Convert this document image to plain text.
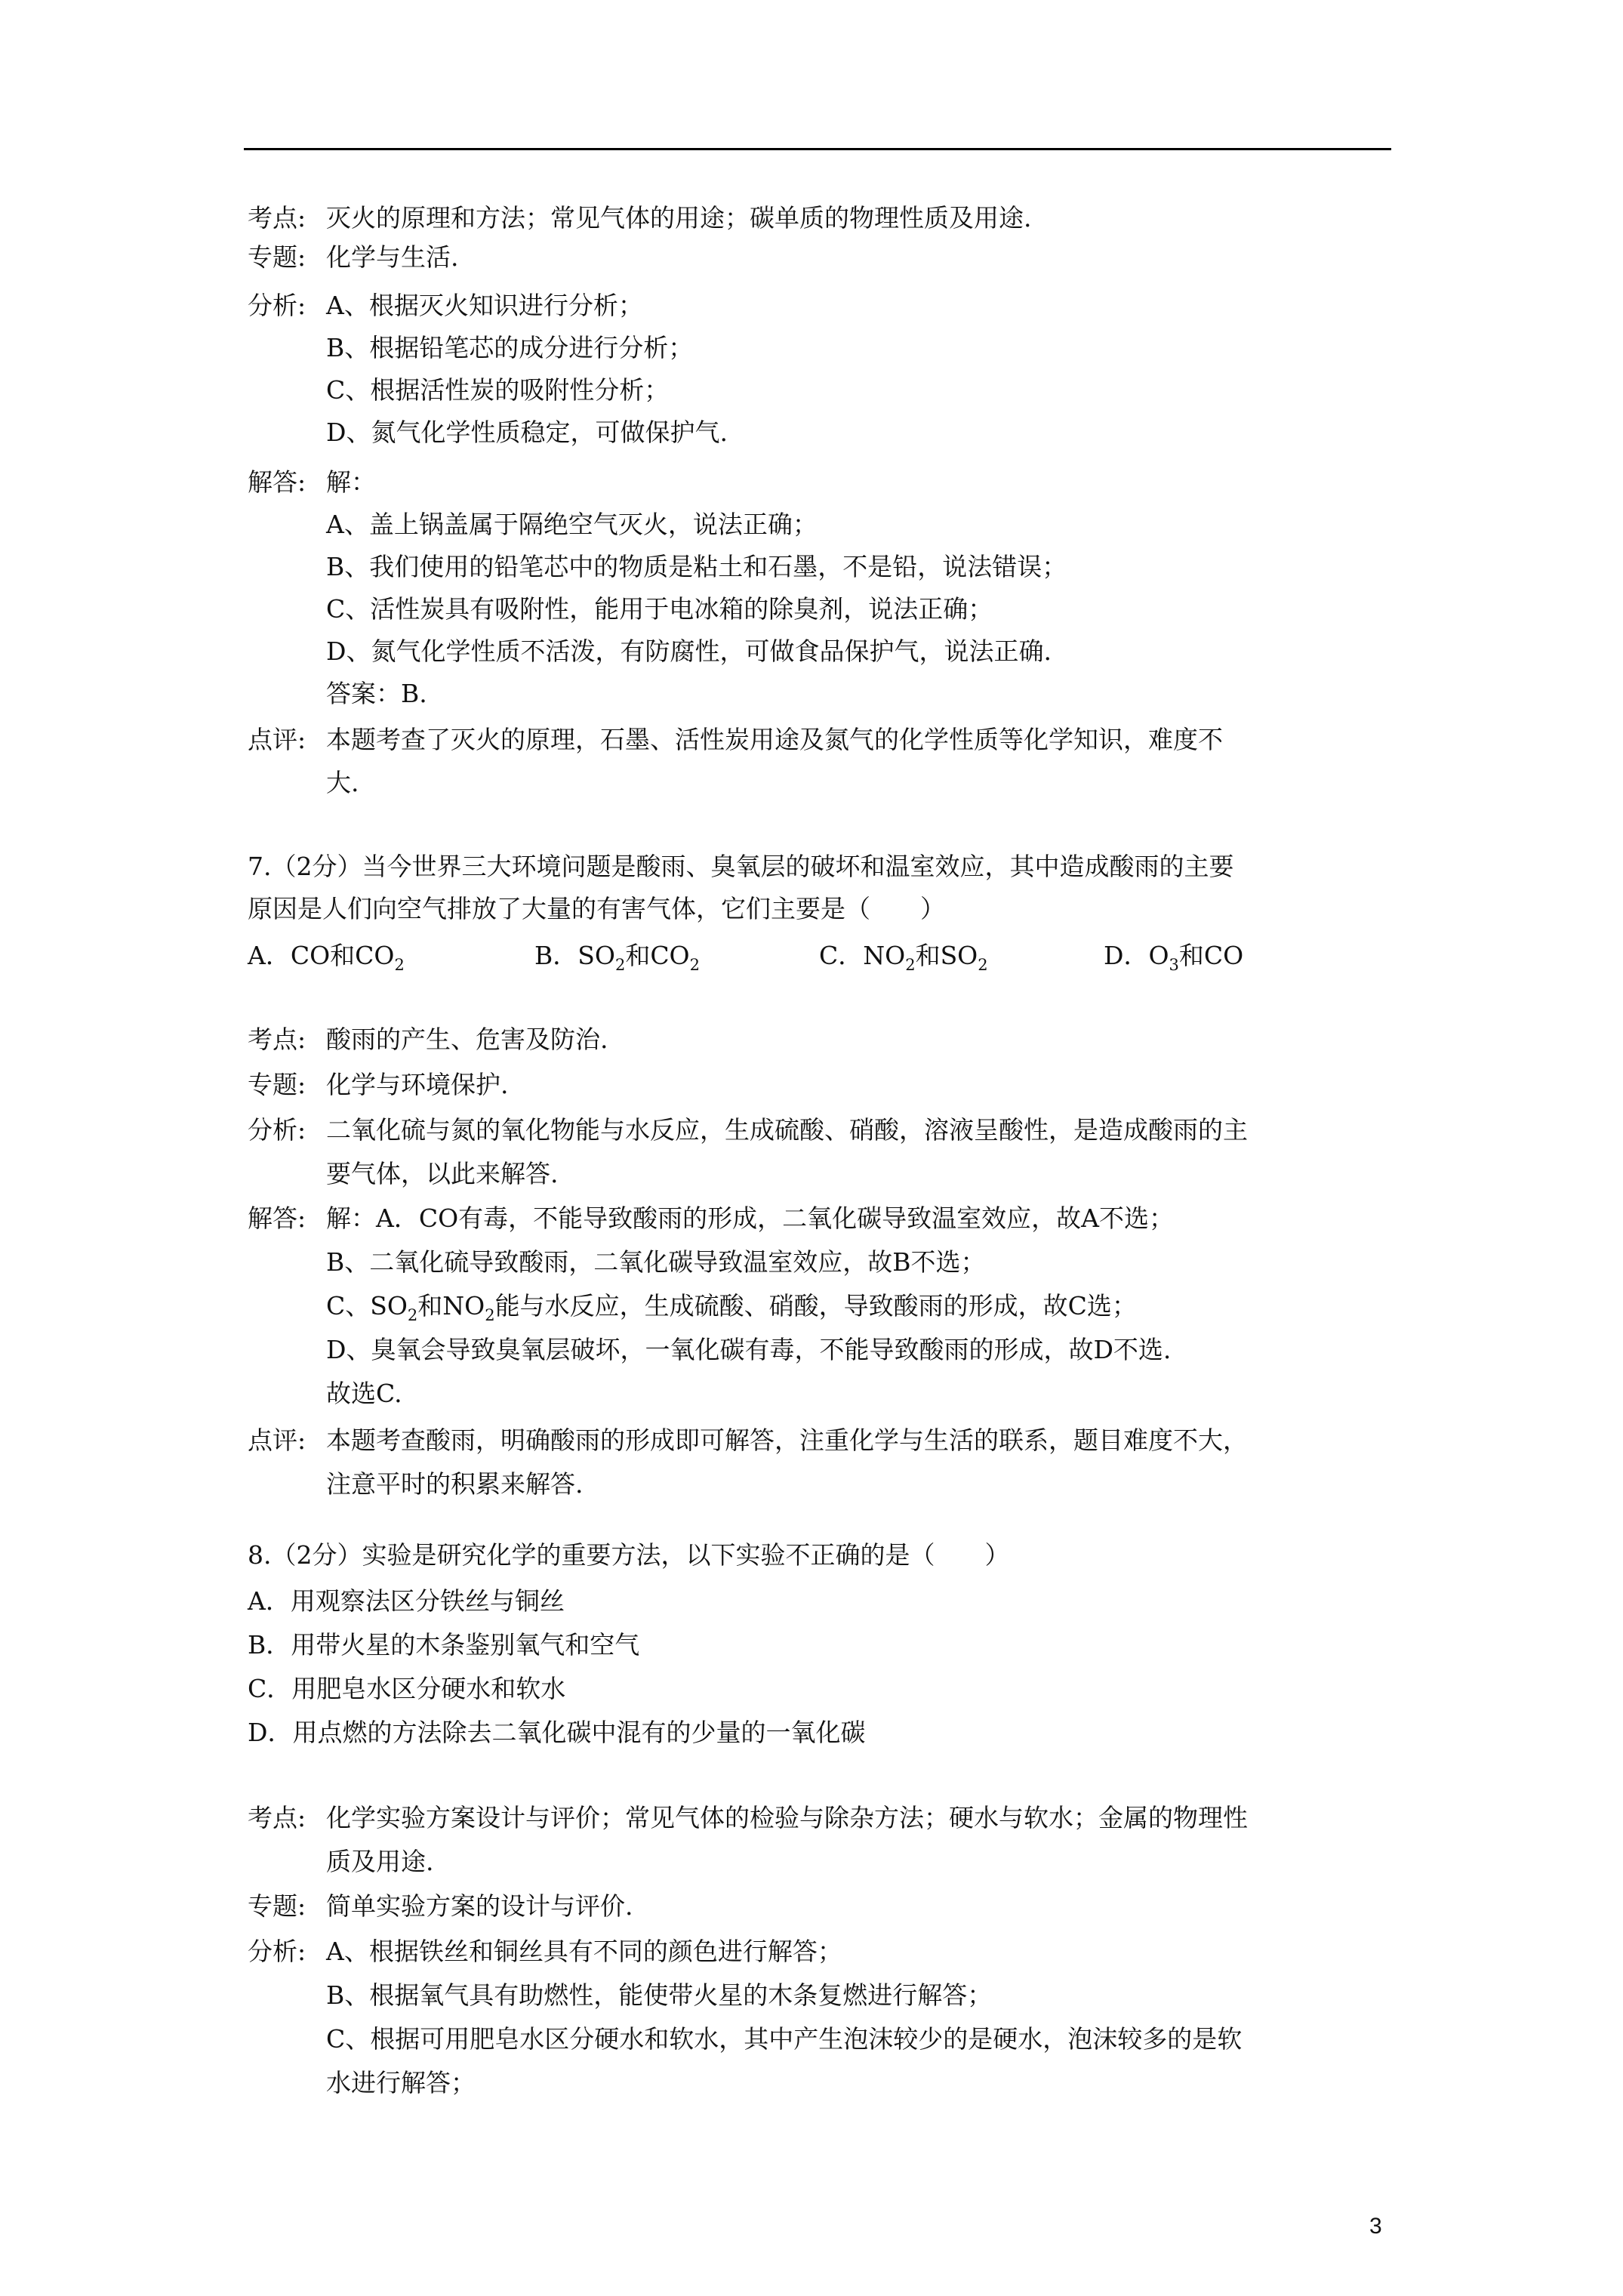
考点: 灭火的原理和方法；常见气体的用途；碳单质的物理性质及用途.
专题: 化学与生活.
分析: A、根据灭火知识进行分析；
B、根据铅笔芯的成分进行分析；
C、根据活性炭的吸附性分析；
D、氮气化学性质稳定，可做保护气.
解答: 解：
A、盖上锅盖属于隔绝空气灭火，说法正确；
B、我们使用的铅笔芯中的物质是粘土和石墨，不是铅，说法错误；
C、活性炭具有吸附性，能用于电冰箱的除臭剂，说法正确；
D、氮气化学性质不活泼，有防腐性，可做食品保护气，说法正确.
答案：B.
点评: 本题考查了灭火的原理，石墨、活性炭用途及氮气的化学性质等化学知识，难度不
大.
7.（2分）当今世界三大环境问题是酸雨、臭氧层的破坏和温室效应，其中造成酸雨的主要
原因是人们向空气排放了大量的有害气体，它们主要是（　　）
A．CO和$CO_2$	B．$SO_2$和$CO_2$	C．$NO_2$和$SO_2$	D．$O_3$和CO
考点: 酸雨的产生、危害及防治.
专题: 化学与环境保护.
分析: 二氧化硫与氮的氧化物能与水反应，生成硫酸、硝酸，溶液呈酸性，是造成酸雨的主
要气体，以此来解答.
解答: 解：A．CO有毒，不能导致酸雨的形成，二氧化碳导致温室效应，故A不选；
B、二氧化硫导致酸雨，二氧化碳导致温室效应，故B不选；
C、$SO_2$和$NO_2$能与水反应，生成硫酸、硝酸，导致酸雨的形成，故C选；
D、臭氧会导致臭氧层破坏，一氧化碳有毒，不能导致酸雨的形成，故D不选.
故选C.
点评: 本题考查酸雨，明确酸雨的形成即可解答，注重化学与生活的联系，题目难度不大，
注意平时的积累来解答.
8.（2分）实验是研究化学的重要方法，以下实验不正确的是（　　）
A．用观察法区分铁丝与铜丝
B．用带火星的木条鉴别氧气和空气
C．用肥皂水区分硬水和软水
D．用点燃的方法除去二氧化碳中混有的少量的一氧化碳
考点: 化学实验方案设计与评价；常见气体的检验与除杂方法；硬水与软水；金属的物理性
质及用途.
专题: 简单实验方案的设计与评价.
分析: A、根据铁丝和铜丝具有不同的颜色进行解答；
B、根据氧气具有助燃性，能使带火星的木条复燃进行解答；
C、根据可用肥皂水区分硬水和软水，其中产生泡沫较少的是硬水，泡沫较多的是软
水进行解答；
3
